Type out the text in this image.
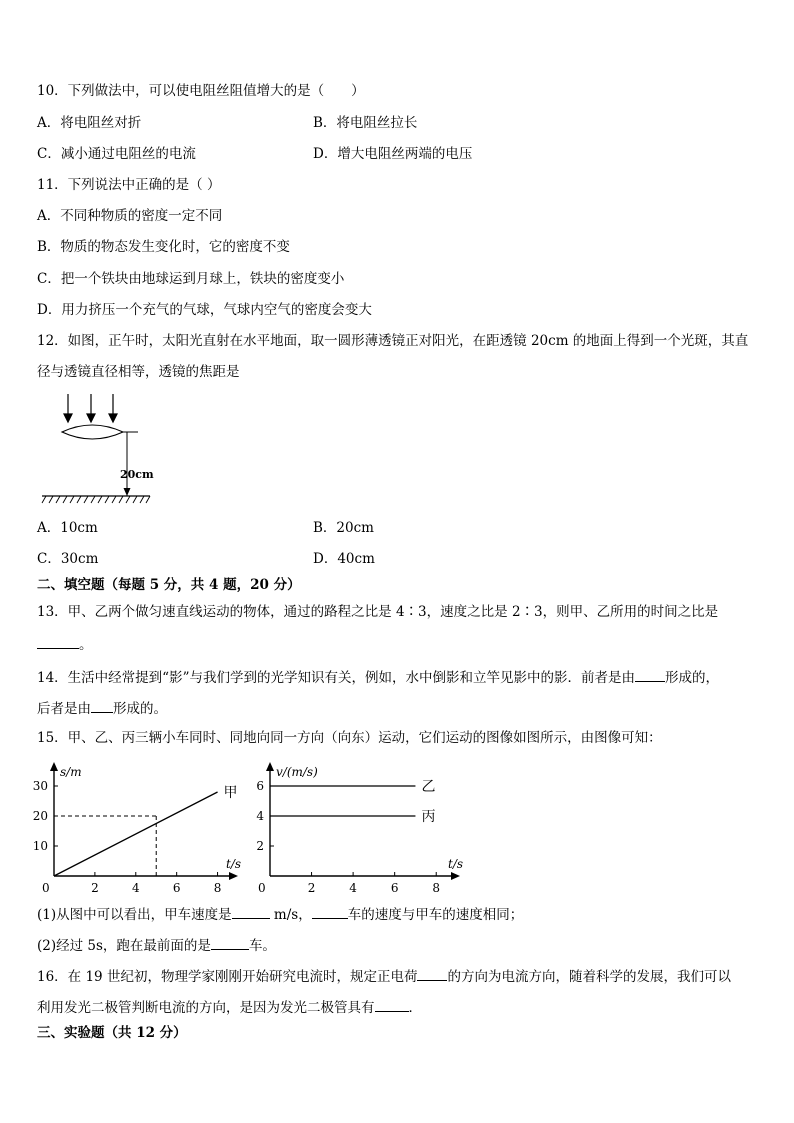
10．下列做法中，可以使电阻丝阻值增大的是（　　）
A．将电阻丝对折	B．将电阻丝拉长
C．减小通过电阻丝的电流	D．增大电阻丝两端的电压
11．下列说法中正确的是（ ）
A．不同种物质的密度一定不同
B．物质的物态发生变化时，它的密度不变
C．把一个铁块由地球运到月球上，铁块的密度变小
D．用力挤压一个充气的气球，气球内空气的密度会变大
12．如图，正午时，太阳光直射在水平地面，取一圆形薄透镜正对阳光，在距透镜 20cm 的地面上得到一个光斑，其直
径与透镜直径相等，透镜的焦距是
20cm
A．10cm	B．20cm
C．30cm	D．40cm
二、填空题（每题 5 分，共 4 题，20 分）
13．甲、乙两个做匀速直线运动的物体，通过的路程之比是 4∶3，速度之比是 2∶3，则甲、乙所用的时间之比是
。
14．生活中经常提到“影”与我们学到的光学知识有关，例如，水中倒影和立竿见影中的影．前者是由 形成的，
后者是由 形成的。
15．甲、乙、丙三辆小车同时、同地向同一方向（向东）运动，它们运动的图像如图所示，由图像可知：
s/m
t/s
0	2	4	6	8
10
20
30	甲
v/(m/s)
t/s
0	2	4	6	8
2
4
6	乙
丙
(1)从图中可以看出，甲车速度是	m/s，	车的速度与甲车的速度相同；
(2)经过 5s，跑在最前面的是	车。
16．在 19 世纪初，物理学家刚刚开始研究电流时，规定正电荷 的方向为电流方向，随着科学的发展，我们可以
利用发光二极管判断电流的方向，是因为发光二极管具有	．
三、实验题（共 12 分）
